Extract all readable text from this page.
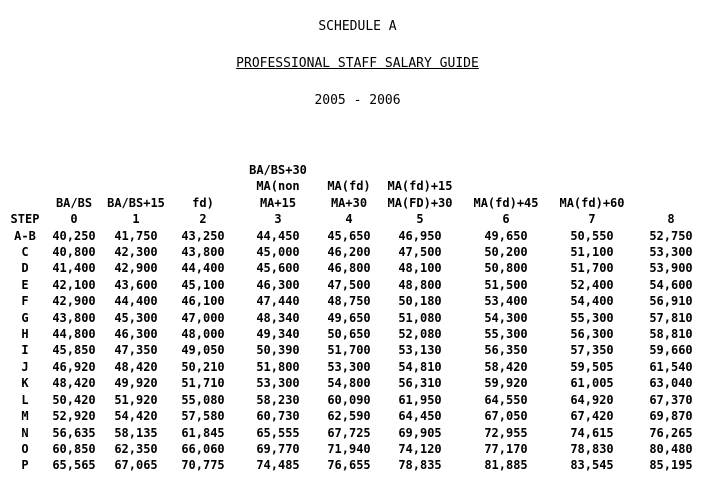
SCHEDULE A
PROFESSIONAL STAFF SALARY GUIDE
2005 - 2006
				BA/BS+30					
				MA(non	MA(fd)	MA(fd)+15			
	BA/BS	BA/BS+15	fd)	MA+15	MA+30	MA(FD)+30	MA(fd)+45	MA(fd)+60	
STEP	0	1	2	3	4	5	6	7	8
A-B	40,250	41,750	43,250	44,450	45,650	46,950	49,650	50,550	52,750
C	40,800	42,300	43,800	45,000	46,200	47,500	50,200	51,100	53,300
D	41,400	42,900	44,400	45,600	46,800	48,100	50,800	51,700	53,900
E	42,100	43,600	45,100	46,300	47,500	48,800	51,500	52,400	54,600
F	42,900	44,400	46,100	47,440	48,750	50,180	53,400	54,400	56,910
G	43,800	45,300	47,000	48,340	49,650	51,080	54,300	55,300	57,810
H	44,800	46,300	48,000	49,340	50,650	52,080	55,300	56,300	58,810
I	45,850	47,350	49,050	50,390	51,700	53,130	56,350	57,350	59,660
J	46,920	48,420	50,210	51,800	53,300	54,810	58,420	59,505	61,540
K	48,420	49,920	51,710	53,300	54,800	56,310	59,920	61,005	63,040
L	50,420	51,920	55,080	58,230	60,090	61,950	64,550	64,920	67,370
M	52,920	54,420	57,580	60,730	62,590	64,450	67,050	67,420	69,870
N	56,635	58,135	61,845	65,555	67,725	69,905	72,955	74,615	76,265
O	60,850	62,350	66,060	69,770	71,940	74,120	77,170	78,830	80,480
P	65,565	67,065	70,775	74,485	76,655	78,835	81,885	83,545	85,195
